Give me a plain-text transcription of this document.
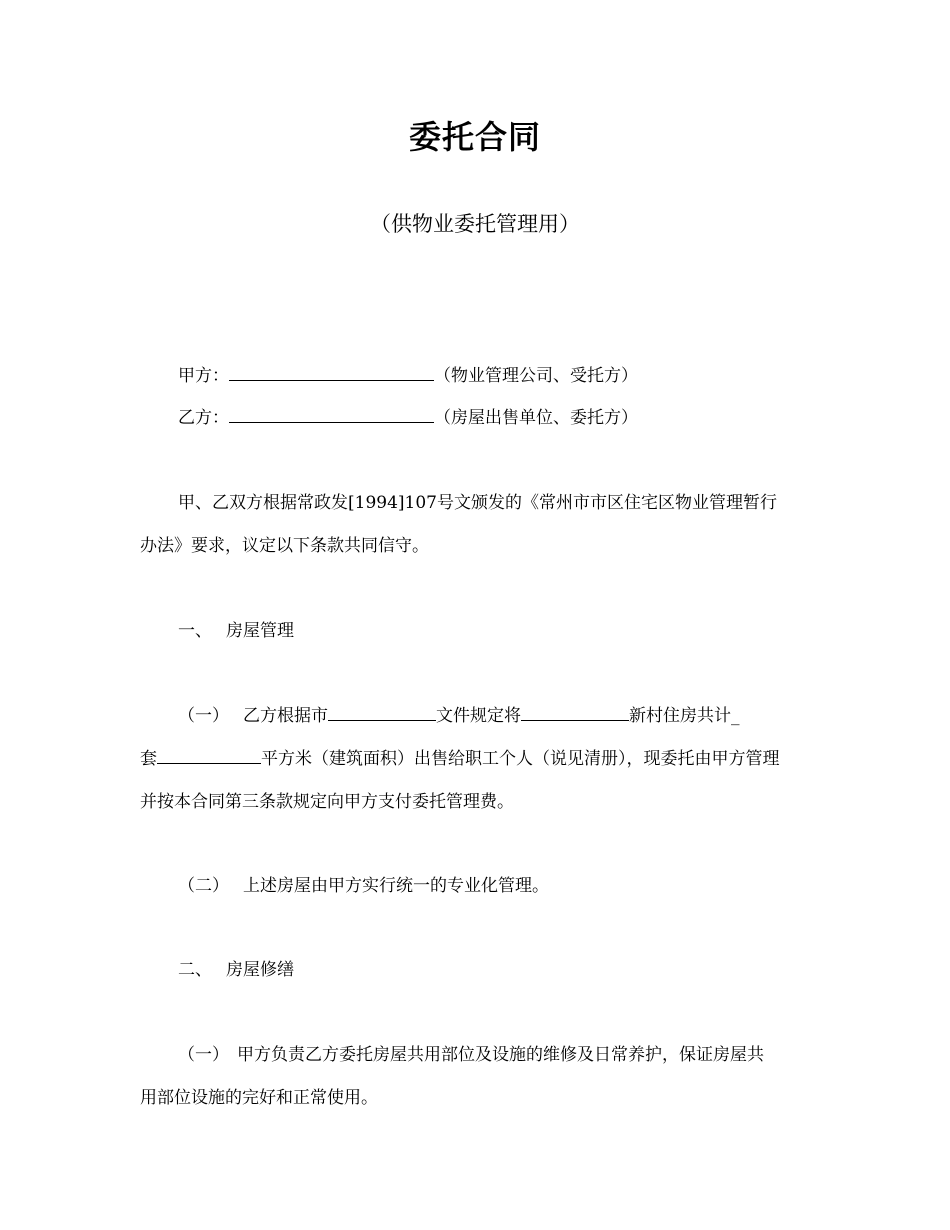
委托合同
（供物业委托管理用）
甲方：	（物业管理公司、受托方）
乙方：	（房屋出售单位、委托方）
甲、乙双方根据常政发[1994]107号文颁发的《常州市市区住宅区物业管理暂行
办法》要求，议定以下条款共同信守。
一、 房屋管理
（一） 乙方根据市	文件规定将	新村住房共计_
套	平方米（建筑面积）出售给职工个人（说见清册），现委托由甲方管理
并按本合同第三条款规定向甲方支付委托管理费。
（二） 上述房屋由甲方实行统一的专业化管理。
二、 房屋修缮
（一） 甲方负责乙方委托房屋共用部位及设施的维修及日常养护，保证房屋共
用部位设施的完好和正常使用。
